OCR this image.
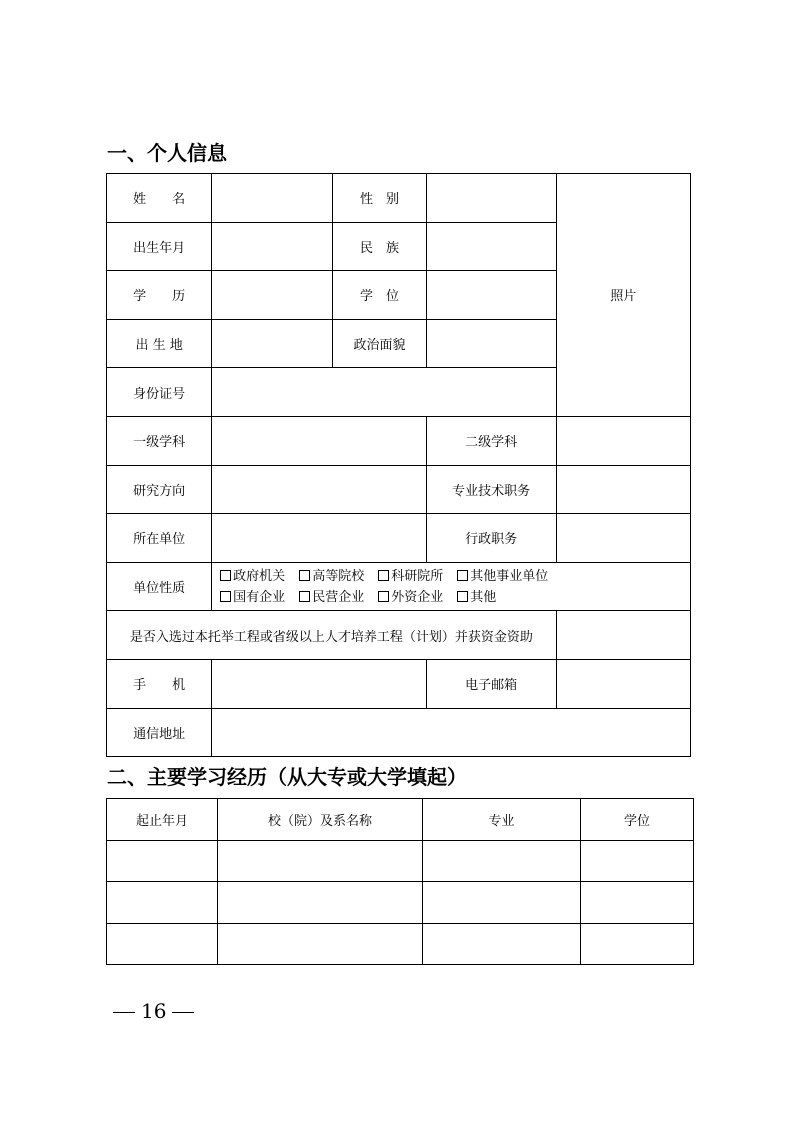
一、个人信息
姓　　名		性　别		照片
出生年月		民　族		
学　　历		学　位		
出 生 地		政治面貌		
身份证号				
一级学科			二级学科	
研究方向			专业技术职务	
所在单位			行政职务	
单位性质	政府机关 高等院校 科研院所 其他事业单位
国有企业 民营企业 外资企业 其他			

是否入选过本托举工程或省级以上人才培养工程（计划）并获资金资助				
手　　机			电子邮箱	
通信地址				
二、主要学习经历（从大专或大学填起）
起止年月	校（院）及系名称	专业	学位

16
